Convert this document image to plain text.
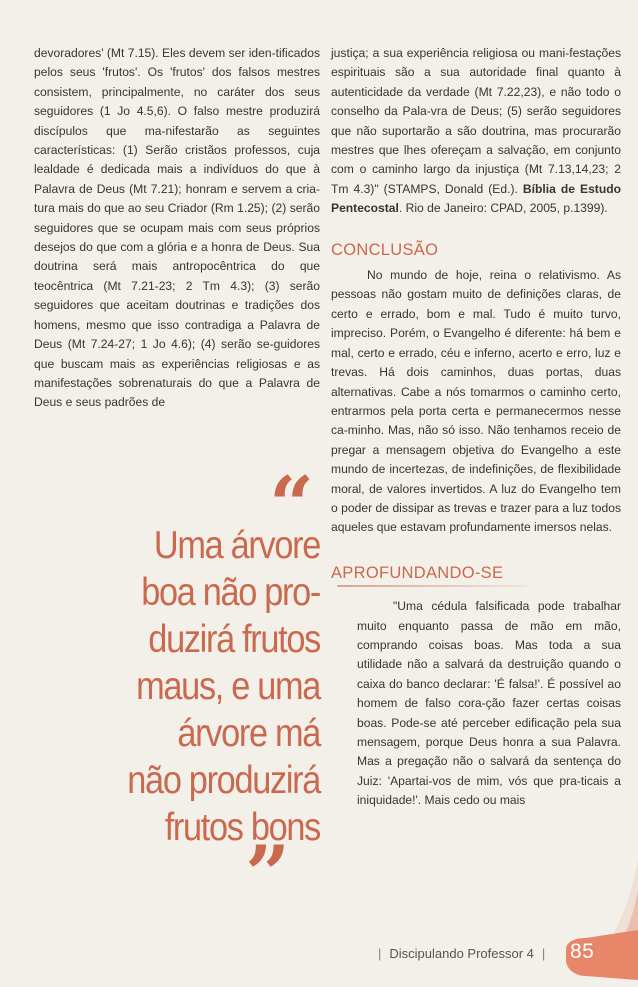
devoradores' (Mt 7.15). Eles devem ser iden-tificados pelos seus 'frutos'. Os 'frutos' dos falsos mestres consistem, principalmente, no caráter dos seus seguidores (1 Jo 4.5,6). O falso mestre produzirá discípulos que ma-nifestarão as seguintes características: (1) Serão cristãos professos, cuja lealdade é dedicada mais a indivíduos do que à Palavra de Deus (Mt 7.21); honram e servem a cria-tura mais do que ao seu Criador (Rm 1.25); (2) serão seguidores que se ocupam mais com seus próprios desejos do que com a glória e a honra de Deus. Sua doutrina será mais antropocêntrica do que teocêntrica (Mt 7.21-23; 2 Tm 4.3); (3) serão seguidores que aceitam doutrinas e tradições dos homens, mesmo que isso contradiga a Palavra de Deus (Mt 7.24-27; 1 Jo 4.6); (4) serão se-guidores que buscam mais as experiências religiosas e as manifestações sobrenaturais do que a Palavra de Deus e seus padrões de

“
Uma árvore boa não pro-duzirá frutos maus, e uma árvore má não produzirá frutos bons
”

justiça; a sua experiência religiosa ou mani-festações espirituais são a sua autoridade final quanto à autenticidade da verdade (Mt 7.22,23), e não todo o conselho da Pala-vra de Deus; (5) serão seguidores que não suportarão a são doutrina, mas procurarão mestres que lhes ofereçam a salvação, em conjunto com o caminho largo da injustiça (Mt 7.13,14,23; 2 Tm 4.3)" (STAMPS, Donald (Ed.). Bíblia de Estudo Pentecostal. Rio de Janeiro: CPAD, 2005, p.1399).

CONCLUSÃO

No mundo de hoje, reina o relativismo. As pessoas não gostam muito de definições claras, de certo e errado, bom e mal. Tudo é muito turvo, impreciso. Porém, o Evangelho é diferente: há bem e mal, certo e errado, céu e inferno, acerto e erro, luz e trevas. Há dois caminhos, duas portas, duas alternativas. Cabe a nós tomarmos o caminho certo, entrarmos pela porta certa e permanecermos nesse ca-minho. Mas, não só isso. Não tenhamos receio de pregar a mensagem objetiva do Evangelho a este mundo de incertezas, de indefinições, de flexibilidade moral, de valores invertidos. A luz do Evangelho tem o poder de dissipar as trevas e trazer para a luz todos aqueles que estavam profundamente imersos nelas.

APROFUNDANDO-SE

"Uma cédula falsificada pode trabalhar muito enquanto passa de mão em mão, comprando coisas boas. Mas toda a sua utilidade não a salvará da destruição quando o caixa do banco declarar: 'É falsa!'. É possível ao homem de falso cora-ção fazer certas coisas boas. Pode-se até perceber edificação pela sua mensagem, porque Deus honra a sua Palavra. Mas a pregação não o salvará da sentença do Juiz: 'Apartai-vos de mim, vós que pra-ticais a iniquidade!'. Mais cedo ou mais

85
| Discipulando Professor 4 |
